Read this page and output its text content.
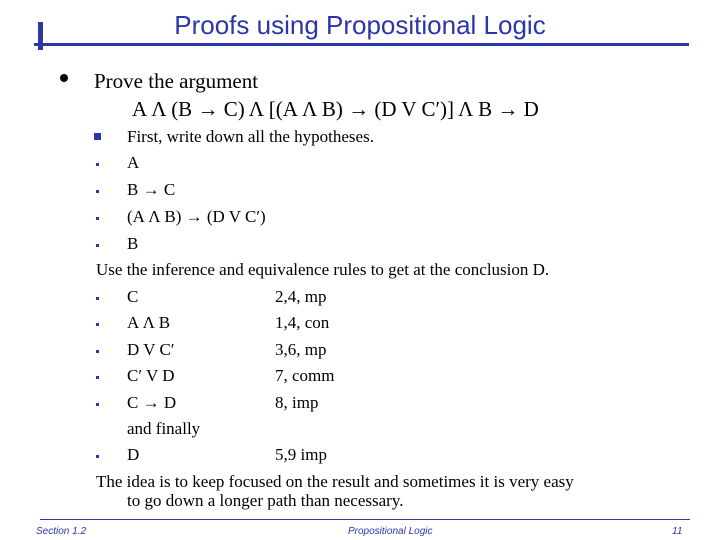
Proofs using Propositional Logic
Prove the argument
A Λ (B → C) Λ [(A Λ B) → (D V C′)] Λ B → D
First, write down all the hypotheses.
A
B → C
(A Λ B) → (D V C′)
B
Use the inference and equivalence rules to get at the conclusion D.
C	2,4, mp
A Λ B	1,4, con
D V C′	3,6, mp
C′ V D	7, comm
C → D	8, imp
and finally
D	5,9 imp
The idea is to keep focused on the result and sometimes it is very easy
to go down a longer path than necessary.
Section 1.2	Propositional Logic	11
